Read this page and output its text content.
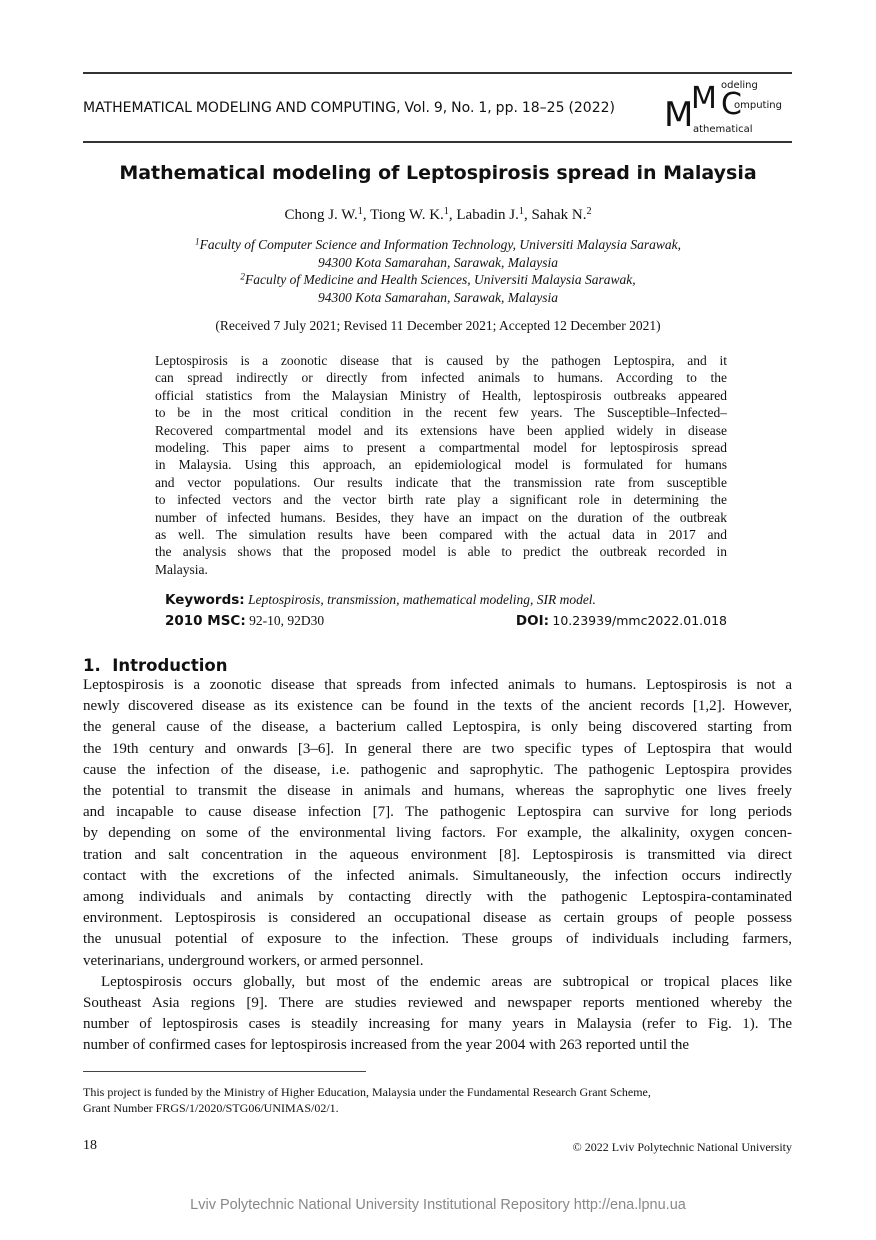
MATHEMATICAL MODELING AND COMPUTING, Vol. 9, No. 1, pp. 18–25 (2022) M
M C
odeling
omputing
athematical
Mathematical modeling of Leptospirosis spread in Malaysia
Chong J. W.$^1$, Tiong W. K.$^1$, Labadin J.$^1$, Sahak N.$^2$
$^1$Faculty of Computer Science and Information Technology, Universiti Malaysia Sarawak,
94300 Kota Samarahan, Sarawak, Malaysia
$^2$Faculty of Medicine and Health Sciences, Universiti Malaysia Sarawak,
94300 Kota Samarahan, Sarawak, Malaysia
(Received 7 July 2021; Revised 11 December 2021; Accepted 12 December 2021)
Leptospirosis is a zoonotic disease that is caused by the pathogen Leptospira, and it
can spread indirectly or directly from infected animals to humans. According to the
official statistics from the Malaysian Ministry of Health, leptospirosis outbreaks appeared
to be in the most critical condition in the recent few years. The Susceptible–Infected–
Recovered compartmental model and its extensions have been applied widely in disease
modeling. This paper aims to present a compartmental model for leptospirosis spread
in Malaysia. Using this approach, an epidemiological model is formulated for humans
and vector populations. Our results indicate that the transmission rate from susceptible
to infected vectors and the vector birth rate play a significant role in determining the
number of infected humans. Besides, they have an impact on the duration of the outbreak
as well. The simulation results have been compared with the actual data in 2017 and
the analysis shows that the proposed model is able to predict the outbreak recorded in
Malaysia.
Keywords: Leptospirosis, transmission, mathematical modeling, SIR model.
2010 MSC: 92-10, 92D30	DOI: 10.23939/mmc2022.01.018
1. Introduction
Leptospirosis is a zoonotic disease that spreads from infected animals to humans. Leptospirosis is not a
newly discovered disease as its existence can be found in the texts of the ancient records [1,2]. However,
the general cause of the disease, a bacterium called Leptospira, is only being discovered starting from
the 19th century and onwards [3–6]. In general there are two specific types of Leptospira that would
cause the infection of the disease, i.e. pathogenic and saprophytic. The pathogenic Leptospira provides
the potential to transmit the disease in animals and humans, whereas the saprophytic one lives freely
and incapable to cause disease infection [7]. The pathogenic Leptospira can survive for long periods
by depending on some of the environmental living factors. For example, the alkalinity, oxygen concen-
tration and salt concentration in the aqueous environment [8]. Leptospirosis is transmitted via direct
contact with the excretions of the infected animals. Simultaneously, the infection occurs indirectly
among individuals and animals by contacting directly with the pathogenic Leptospira-contaminated
environment. Leptospirosis is considered an occupational disease as certain groups of people possess
the unusual potential of exposure to the infection. These groups of individuals including farmers,
veterinarians, underground workers, or armed personnel.
Leptospirosis occurs globally, but most of the endemic areas are subtropical or tropical places like
Southeast Asia regions [9]. There are studies reviewed and newspaper reports mentioned whereby the
number of leptospirosis cases is steadily increasing for many years in Malaysia (refer to Fig. 1). The
number of confirmed cases for leptospirosis increased from the year 2004 with 263 reported until the
This project is funded by the Ministry of Higher Education, Malaysia under the Fundamental Research Grant Scheme,
Grant Number FRGS/1/2020/STG06/UNIMAS/02/1.
18	© 2022 Lviv Polytechnic National University
Lviv Polytechnic National University Institutional Repository http://ena.lpnu.ua
